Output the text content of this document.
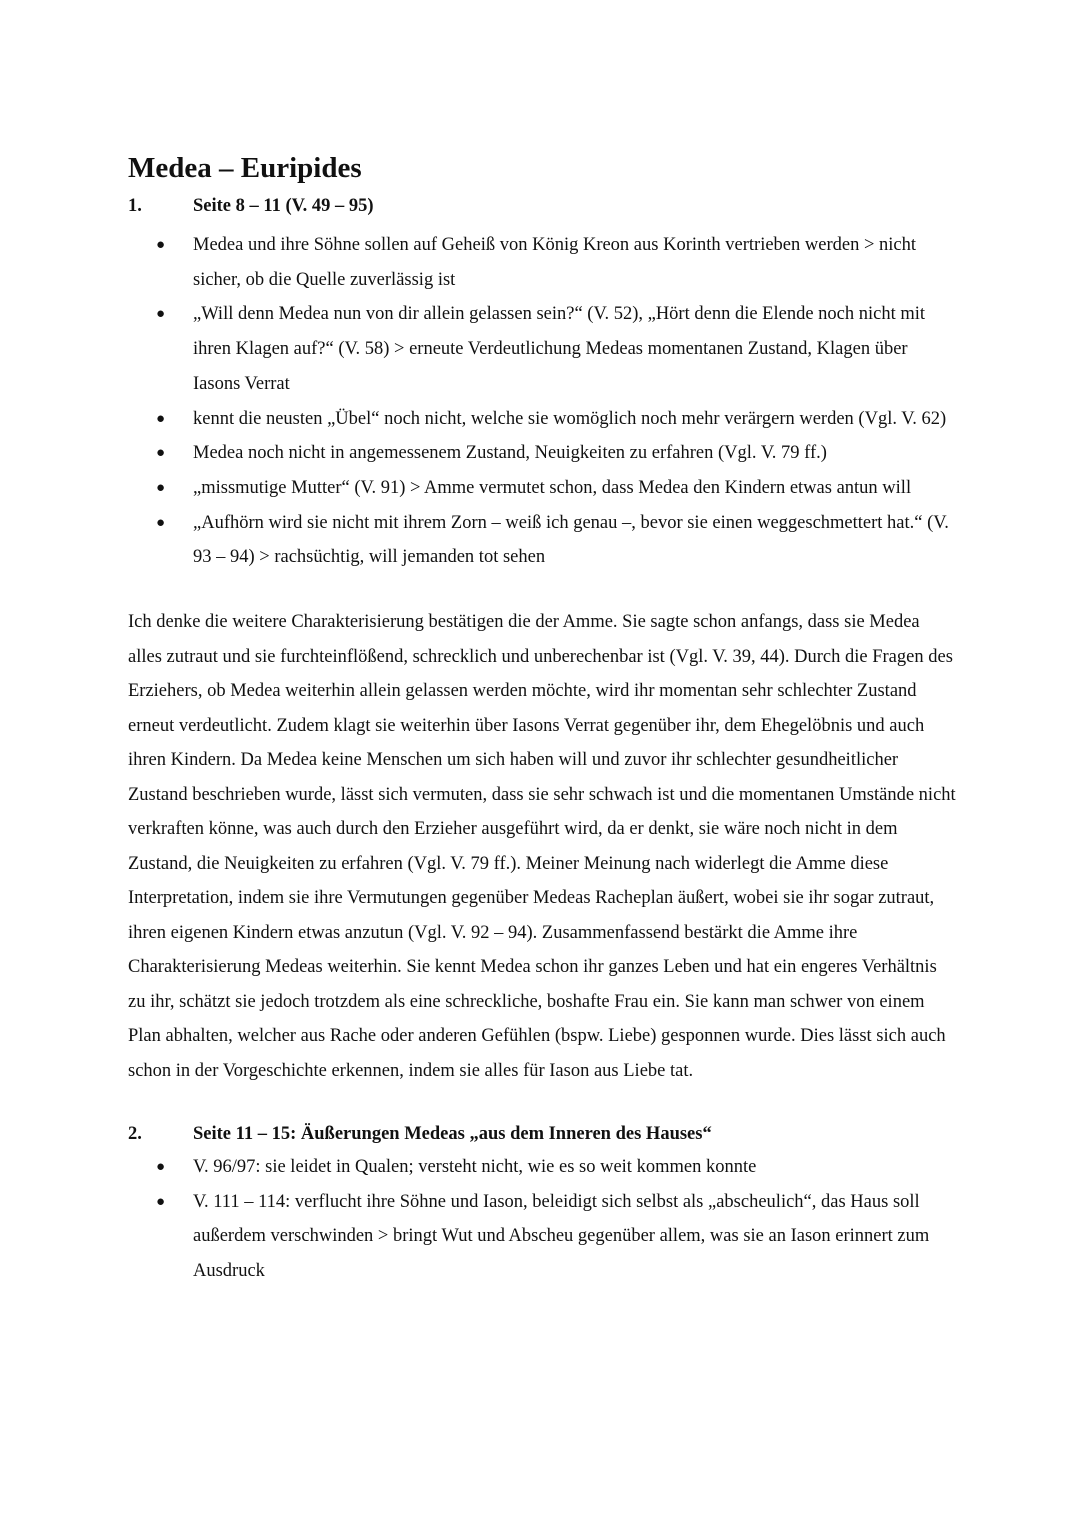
Medea – Euripides
1.	Seite 8 – 11 (V. 49 – 95)
● Medea und ihre Söhne sollen auf Geheiß von König Kreon aus Korinth vertrieben werden > nicht sicher, ob die Quelle zuverlässig ist
● „Will denn Medea nun von dir allein gelassen sein?“ (V. 52), „Hört denn die Elende noch nicht mit ihren Klagen auf?“ (V. 58) > erneute Verdeutlichung Medeas momentanen Zustand, Klagen über Iasons Verrat
● kennt die neusten „Übel“ noch nicht, welche sie womöglich noch mehr verärgern werden (Vgl. V. 62)
● Medea noch nicht in angemessenem Zustand, Neuigkeiten zu erfahren (Vgl. V. 79 ff.)
● „missmutige Mutter“ (V. 91) > Amme vermutet schon, dass Medea den Kindern etwas antun will
● „Aufhörn wird sie nicht mit ihrem Zorn – weiß ich genau –, bevor sie einen weggeschmettert hat.“ (V. 93 – 94) > rachsüchtig, will jemanden tot sehen

Ich denke die weitere Charakterisierung bestätigen die der Amme. Sie sagte schon anfangs, dass sie Medea alles zutraut und sie furchteinflößend, schrecklich und unberechenbar ist (Vgl. V. 39, 44). Durch die Fragen des Erziehers, ob Medea weiterhin allein gelassen werden möchte, wird ihr momentan sehr schlechter Zustand erneut verdeutlicht. Zudem klagt sie weiterhin über Iasons Verrat gegenüber ihr, dem Ehegelöbnis und auch ihren Kindern. Da Medea keine Menschen um sich haben will und zuvor ihr schlechter gesundheitlicher Zustand beschrieben wurde, lässt sich vermuten, dass sie sehr schwach ist und die momentanen Umstände nicht verkraften könne, was auch durch den Erzieher ausgeführt wird, da er denkt, sie wäre noch nicht in dem Zustand, die Neuigkeiten zu erfahren (Vgl. V. 79 ff.). Meiner Meinung nach widerlegt die Amme diese Interpretation, indem sie ihre Vermutungen gegenüber Medeas Racheplan äußert, wobei sie ihr sogar zutraut, ihren eigenen Kindern etwas anzutun (Vgl. V. 92 – 94). Zusammenfassend bestärkt die Amme ihre Charakterisierung Medeas weiterhin. Sie kennt Medea schon ihr ganzes Leben und hat ein engeres Verhältnis zu ihr, schätzt sie jedoch trotzdem als eine schreckliche, boshafte Frau ein. Sie kann man schwer von einem Plan abhalten, welcher aus Rache oder anderen Gefühlen (bspw. Liebe) gesponnen wurde. Dies lässt sich auch schon in der Vorgeschichte erkennen, indem sie alles für Iason aus Liebe tat.

2.	Seite 11 – 15: Äußerungen Medeas „aus dem Inneren des Hauses“
● V. 96/97: sie leidet in Qualen; versteht nicht, wie es so weit kommen konnte
● V. 111 – 114: verflucht ihre Söhne und Iason, beleidigt sich selbst als „abscheulich“, das Haus soll außerdem verschwinden > bringt Wut und Abscheu gegenüber allem, was sie an Iason erinnert zum Ausdruck
